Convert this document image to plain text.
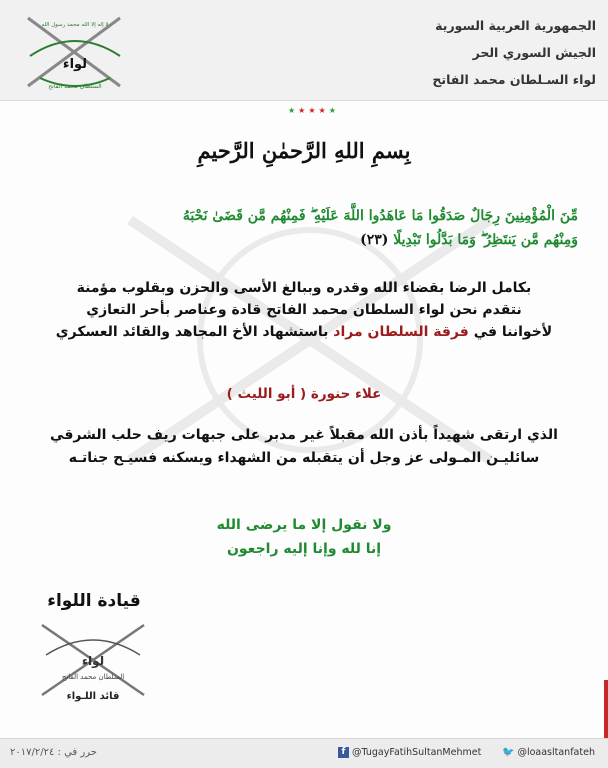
لواء
السلطان محمد الفاتح
لا إله إلا الله محمد رسول الله	الجمهورية العربية السورية
الجيش السوري الحر
لواء السـلطان محمد الفاتح
★★★★★
بِسمِ اللهِ الرَّحمٰنِ الرَّحيمِ
مِّنَ الْمُؤْمِنِينَ رِجَالٌ صَدَقُوا مَا عَاهَدُوا اللَّهَ عَلَيْهِ ۖ فَمِنْهُم مَّن قَضَىٰ نَحْبَهُ
وَمِنْهُم مَّن يَنتَظِرُ ۖ وَمَا بَدَّلُوا تَبْدِيلًا (٢٣)
بكامل الرضا بقضاء الله وقدره وببالغ الأسى والحزن وبقلوب مؤمنة
نتقدم نحن لواء السلطان محمد الفاتح قادة وعناصر بأحر التعازي
لأخواننا في فرقة السلطان مراد باستشهاد الأخ المجاهد والقائد العسكري
علاء حنورة ( أبو الليث )
الذي ارتقى شهيداً بأذن الله مقبلاً غير مدبر على جبهات ريف حلب الشرقي
سائليـن المـولى عز وجل أن يتقبله من الشهداء ويسكنه فسيـح جناتـه
ولا نقول إلا ما يرضى الله
إنا لله وإنا إليه راجعون
قيادة اللواء
لواء
السلطان محمد الفاتح
قائد اللـواء
حرر في : ٢٠١٧/٢/٢٤	f @TugayFatihSultanMehmet 🐦 @loaasltanfateh
